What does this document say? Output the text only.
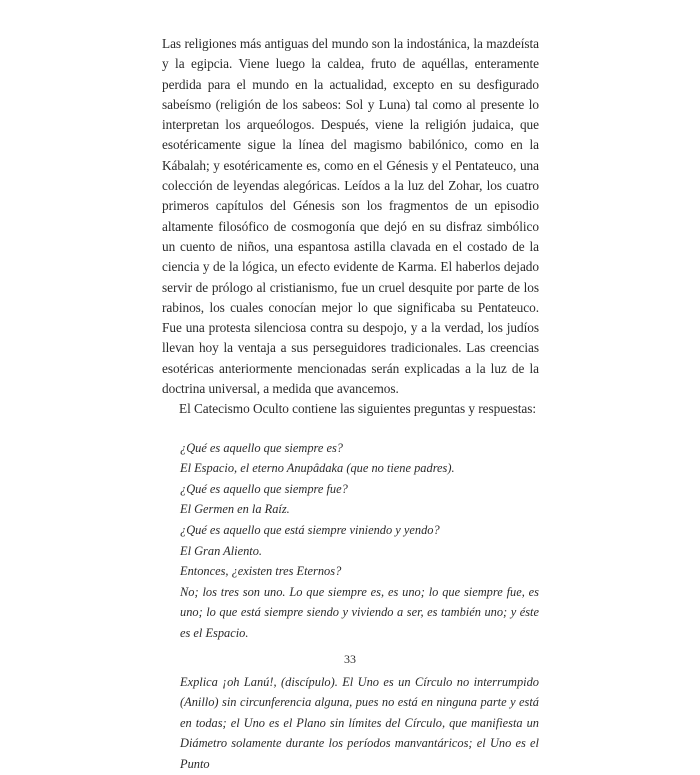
Las religiones más antiguas del mundo son la indostánica, la mazdeísta y la egipcia. Viene luego la caldea, fruto de aquéllas, enteramente perdida para el mundo en la actualidad, excepto en su desfigurado sabeísmo (religión de los sabeos: Sol y Luna) tal como al presente lo interpretan los arqueólogos. Después, viene la religión judaica, que esotéricamente sigue la línea del magismo babilónico, como en la Kábalah; y esotéricamente es, como en el Génesis y el Pentateuco, una colección de leyendas alegóricas. Leídos a la luz del Zohar, los cuatro primeros capítulos del Génesis son los fragmentos de un episodio altamente filosófico de cosmogonía que dejó en su disfraz simbólico un cuento de niños, una espantosa astilla clavada en el costado de la ciencia y de la lógica, un efecto evidente de Karma. El haberlos dejado servir de prólogo al cristianismo, fue un cruel desquite por parte de los rabinos, los cuales conocían mejor lo que significaba su Pentateuco. Fue una protesta silenciosa contra su despojo, y a la verdad, los judíos llevan hoy la ventaja a sus perseguidores tradicionales. Las creencias esotéricas anteriormente mencionadas serán explicadas a la luz de la doctrina universal, a medida que avancemos.

El Catecismo Oculto contiene las siguientes preguntas y respuestas:

¿Qué es aquello que siempre es?
El Espacio, el eterno Anupâdaka (que no tiene padres).
¿Qué es aquello que siempre fue?
El Germen en la Raíz.
¿Qué es aquello que está siempre viniendo y yendo?
El Gran Aliento.
Entonces, ¿existen tres Eternos?
No; los tres son uno. Lo que siempre es, es uno; lo que siempre fue, es uno; lo que está siempre siendo y viviendo a ser, es también uno; y éste es el Espacio.

Explica ¡oh Lanú!, (discípulo). El Uno es un Círculo no interrumpido (Anillo) sin circunferencia alguna, pues no está en ninguna parte y está en todas; el Uno es el Plano sin límites del Círculo, que manifiesta un Diámetro solamente durante los períodos manvantáricos; el Uno es el Punto

33
